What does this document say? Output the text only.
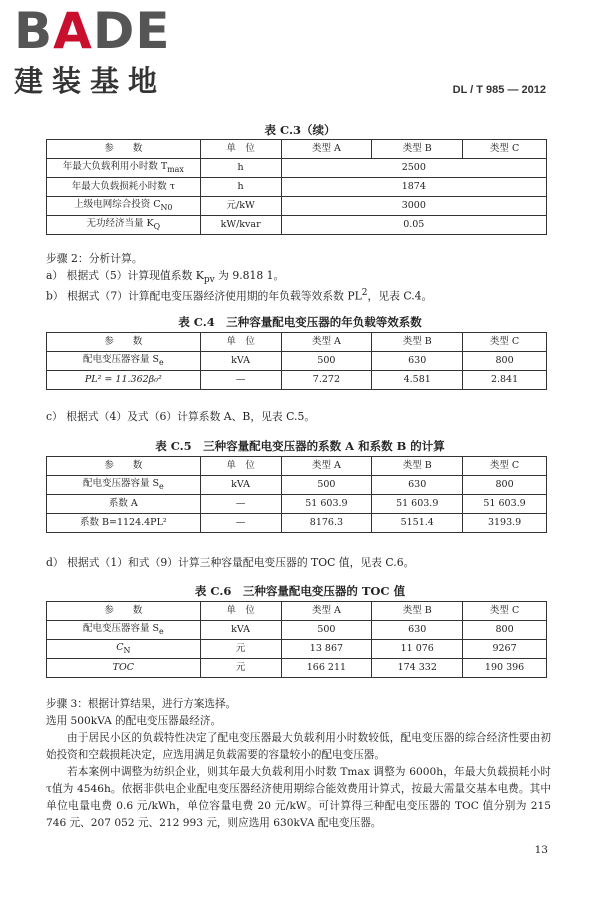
BADE
建装基地	DL / T 985 — 2012
表 C.3（续）
参　　数	单　位	类型 A	类型 B	类型 C
年最大负载利用小时数 $T_{max}$	h	2500		
年最大负载损耗小时数 τ	h	1874		
上级电网综合投资 $C_{N0}$	元/kW	3000		
无功经济当量 $K_Q$	kW/kvar	0.05		
步骤 2：分析计算。
a） 根据式（5）计算现值系数 $K_{pv}$ 为 9.818 1。
b） 根据式（7）计算配电变压器经济使用期的年负载等效系数 $PL^2$，见表 C.4。
表 C.4　三种容量配电变压器的年负载等效系数
参　　数	单　位	类型 A	类型 B	类型 C
配电变压器容量 $S_e$	kVA	500	630	800
PL² = 11.362β₀²	—	7.272	4.581	2.841
c） 根据式（4）及式（6）计算系数 A、B，见表 C.5。
表 C.5　三种容量配电变压器的系数 A 和系数 B 的计算
参　　数	单　位	类型 A	类型 B	类型 C
配电变压器容量 $S_e$	kVA	500	630	800
系数 A	—	51 603.9	51 603.9	51 603.9
系数 B=1124.4PL²	—	8176.3	5151.4	3193.9
d） 根据式（1）和式（9）计算三种容量配电变压器的 TOC 值，见表 C.6。
表 C.6　三种容量配电变压器的 TOC 值
参　　数	单　位	类型 A	类型 B	类型 C
配电变压器容量 $S_e$	kVA	500	630	800
$C_N$	元	13 867	11 076	9267
TOC	元	166 211	174 332	190 396

步骤 3：根据计算结果，进行方案选择。

选用 500kVA 的配电变压器最经济。

由于居民小区的负载特性决定了配电变压器最大负载利用小时数较低，配电变压器的综合经济性要由初始投资和空载损耗决定，应选用满足负载需要的容量较小的配电变压器。

若本案例中调整为纺织企业，则其年最大负载利用小时数 Tmax 调整为 6000h，年最大负载损耗小时 τ值为 4546h。依据非供电企业配电变压器经济使用期综合能效费用计算式，按最大需量交基本电费。其中单位电量电费 0.6 元/kWh，单位容量电费 20 元/kW。可计算得三种配电变压器的 TOC 值分别为 215 746 元、207 052 元、212 993 元，则应选用 630kVA 配电变压器。

13
